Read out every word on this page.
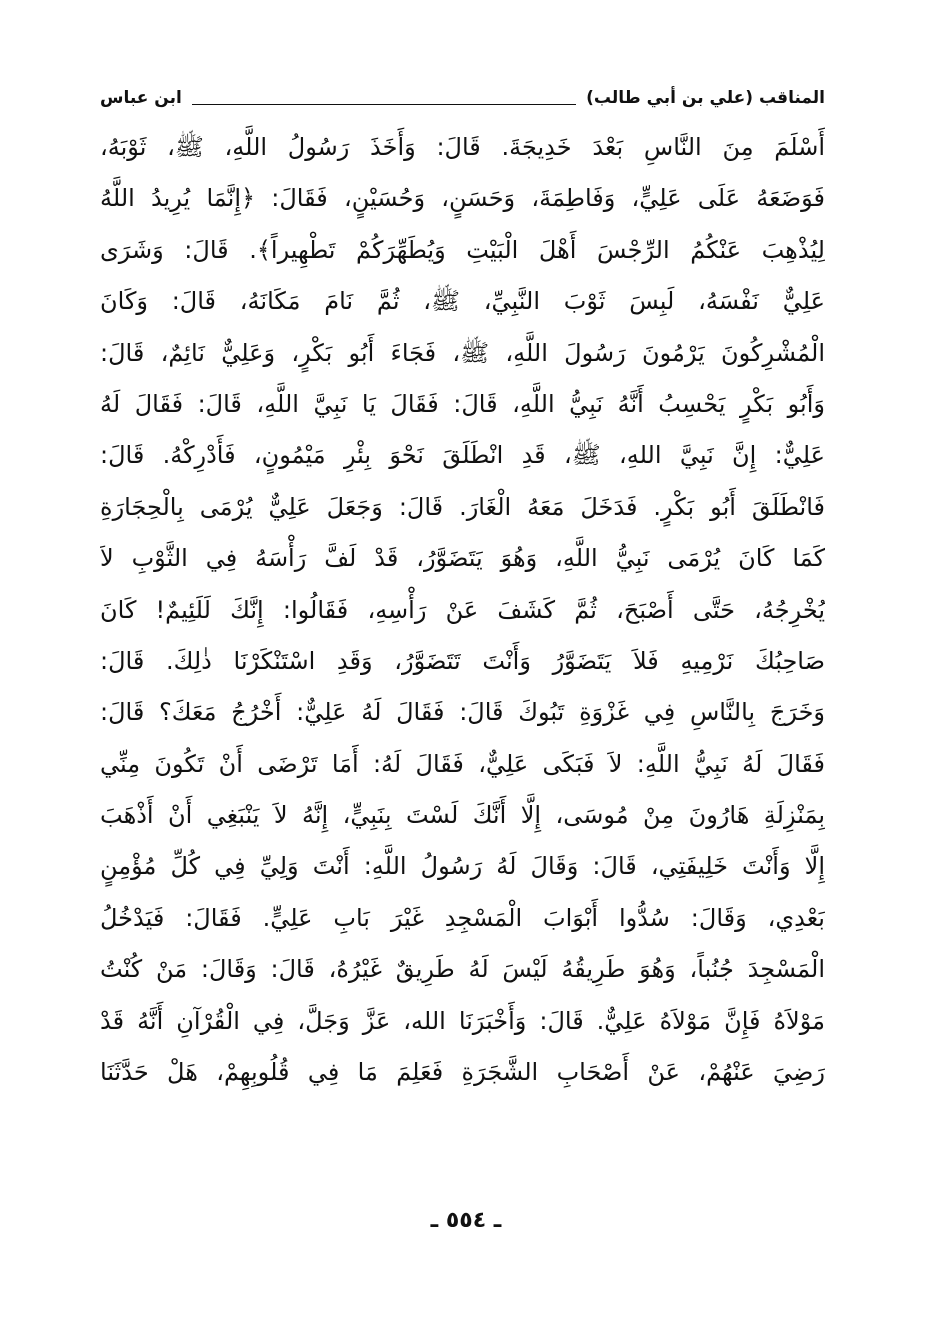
المناقب (علي بن أبي طالب)
ابن عباس
أَسْلَمَ مِنَ النَّاسِ بَعْدَ خَدِيجَةَ. قَالَ: وَأَخَذَ رَسُولُ اللَّهِ، ﷺ، ثَوْبَهُ،
فَوَضَعَهُ عَلَى عَلِيٍّ، وَفَاطِمَةَ، وَحَسَنٍ، وَحُسَيْنٍ، فَقَالَ: ﴿إِنَّمَا يُرِيدُ اللَّهُ
لِيُذْهِبَ عَنْكُمُ الرِّجْسَ أَهْلَ الْبَيْتِ وَيُطَهِّرَكُمْ تَطْهِيراً﴾. قَالَ: وَشَرَى
عَلِيٌّ نَفْسَهُ، لَبِسَ ثَوْبَ النَّبِيِّ، ﷺ، ثُمَّ نَامَ مَكَانَهُ، قَالَ: وَكَانَ
الْمُشْرِكُونَ يَرْمُونَ رَسُولَ اللَّهِ، ﷺ، فَجَاءَ أَبُو بَكْرٍ، وَعَلِيٌّ نَائِمٌ، قَالَ:
وَأَبُو بَكْرٍ يَحْسِبُ أَنَّهُ نَبِيُّ اللَّهِ، قَالَ: فَقَالَ يَا نَبِيَّ اللَّهِ، قَالَ: فَقَالَ لَهُ
عَلِيٌّ: إِنَّ نَبِيَّ اللهِ، ﷺ، قَدِ انْطَلَقَ نَحْوَ بِئْرِ مَيْمُونٍ، فَأَدْرِكْهُ. قَالَ:
فَانْطَلَقَ أَبُو بَكْرٍ. فَدَخَلَ مَعَهُ الْغَارَ. قَالَ: وَجَعَلَ عَلِيٌّ يُرْمَى بِالْحِجَارَةِ
كَمَا كَانَ يُرْمَى نَبِيُّ اللَّهِ، وَهُوَ يَتَضَوَّرُ، قَدْ لَفَّ رَأْسَهُ فِي الثَّوْبِ لاَ
يُخْرِجُهُ، حَتَّى أَصْبَحَ، ثُمَّ كَشَفَ عَنْ رَأْسِهِ، فَقَالُوا: إِنَّكَ لَلَئِيمٌ! كَانَ
صَاحِبُكَ نَرْمِيهِ فَلاَ يَتَضَوَّرُ وَأَنْتَ تَتَضَوَّرُ، وَقَدِ اسْتَنْكَرْنَا ذٰلِكَ. قَالَ:
وَخَرَجَ بِالنَّاسِ فِي غَزْوَةِ تَبُوكَ قَالَ: فَقَالَ لَهُ عَلِيٌّ: أَخْرُجُ مَعَكَ؟ قَالَ:
فَقَالَ لَهُ نَبِيُّ اللَّهِ: لاَ فَبَكَى عَلِيٌّ، فَقَالَ لَهُ: أَمَا تَرْضَى أَنْ تَكُونَ مِنِّي
بِمَنْزِلَةِ هَارُونَ مِنْ مُوسَى، إِلَّا أَنَّكَ لَسْتَ بِنَبِيٍّ، إِنَّهُ لاَ يَنْبَغِي أَنْ أَذْهَبَ
إِلَّا وَأَنْتَ خَلِيفَتِي، قَالَ: وَقَالَ لَهُ رَسُولُ اللَّهِ: أَنْتَ وَلِيِّ فِي كُلِّ مُؤْمِنٍ
بَعْدِي، وَقَالَ: سُدُّوا أَبْوَابَ الْمَسْجِدِ غَيْرَ بَابِ عَلِيٍّ. فَقَالَ: فَيَدْخُلُ
الْمَسْجِدَ جُنُباً، وَهُوَ طَرِيقُهُ لَيْسَ لَهُ طَرِيقٌ غَيْرُهُ، قَالَ: وَقَالَ: مَنْ كُنْتُ
مَوْلاَهُ فَإِنَّ مَوْلاَهُ عَلِيٌّ. قَالَ: وَأَخْبَرَنَا الله، عَزَّ وَجَلَّ، فِي الْقُرْآنِ أَنَّهُ قَدْ
رَضِيَ عَنْهُمْ، عَنْ أَصْحَابِ الشَّجَرَةِ فَعَلِمَ مَا فِي قُلُوبِهِمْ، هَلْ حَدَّثَنَا
ـ ٥٥٤ ـ
